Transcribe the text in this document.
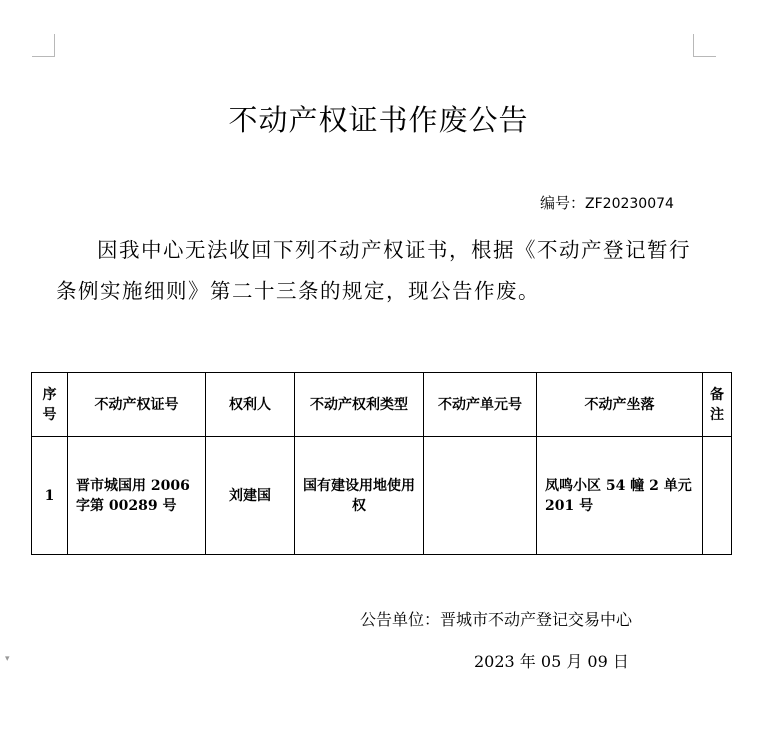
不动产权证书作废公告
编号：ZF20230074
因我中心无法收回下列不动产权证书，根据《不动产登记暂行条例实施细则》第二十三条的规定，现公告作废。
序号	不动产权证号	权利人	不动产权利类型	不动产单元号	不动产坐落	备注
1	晋市城国用 2006 字第 00289 号	刘建国	国有建设用地使用权		凤鸣小区 54 幢 2 单元 201 号	
公告单位：晋城市不动产登记交易中心
2023 年 05 月 09 日
▾
